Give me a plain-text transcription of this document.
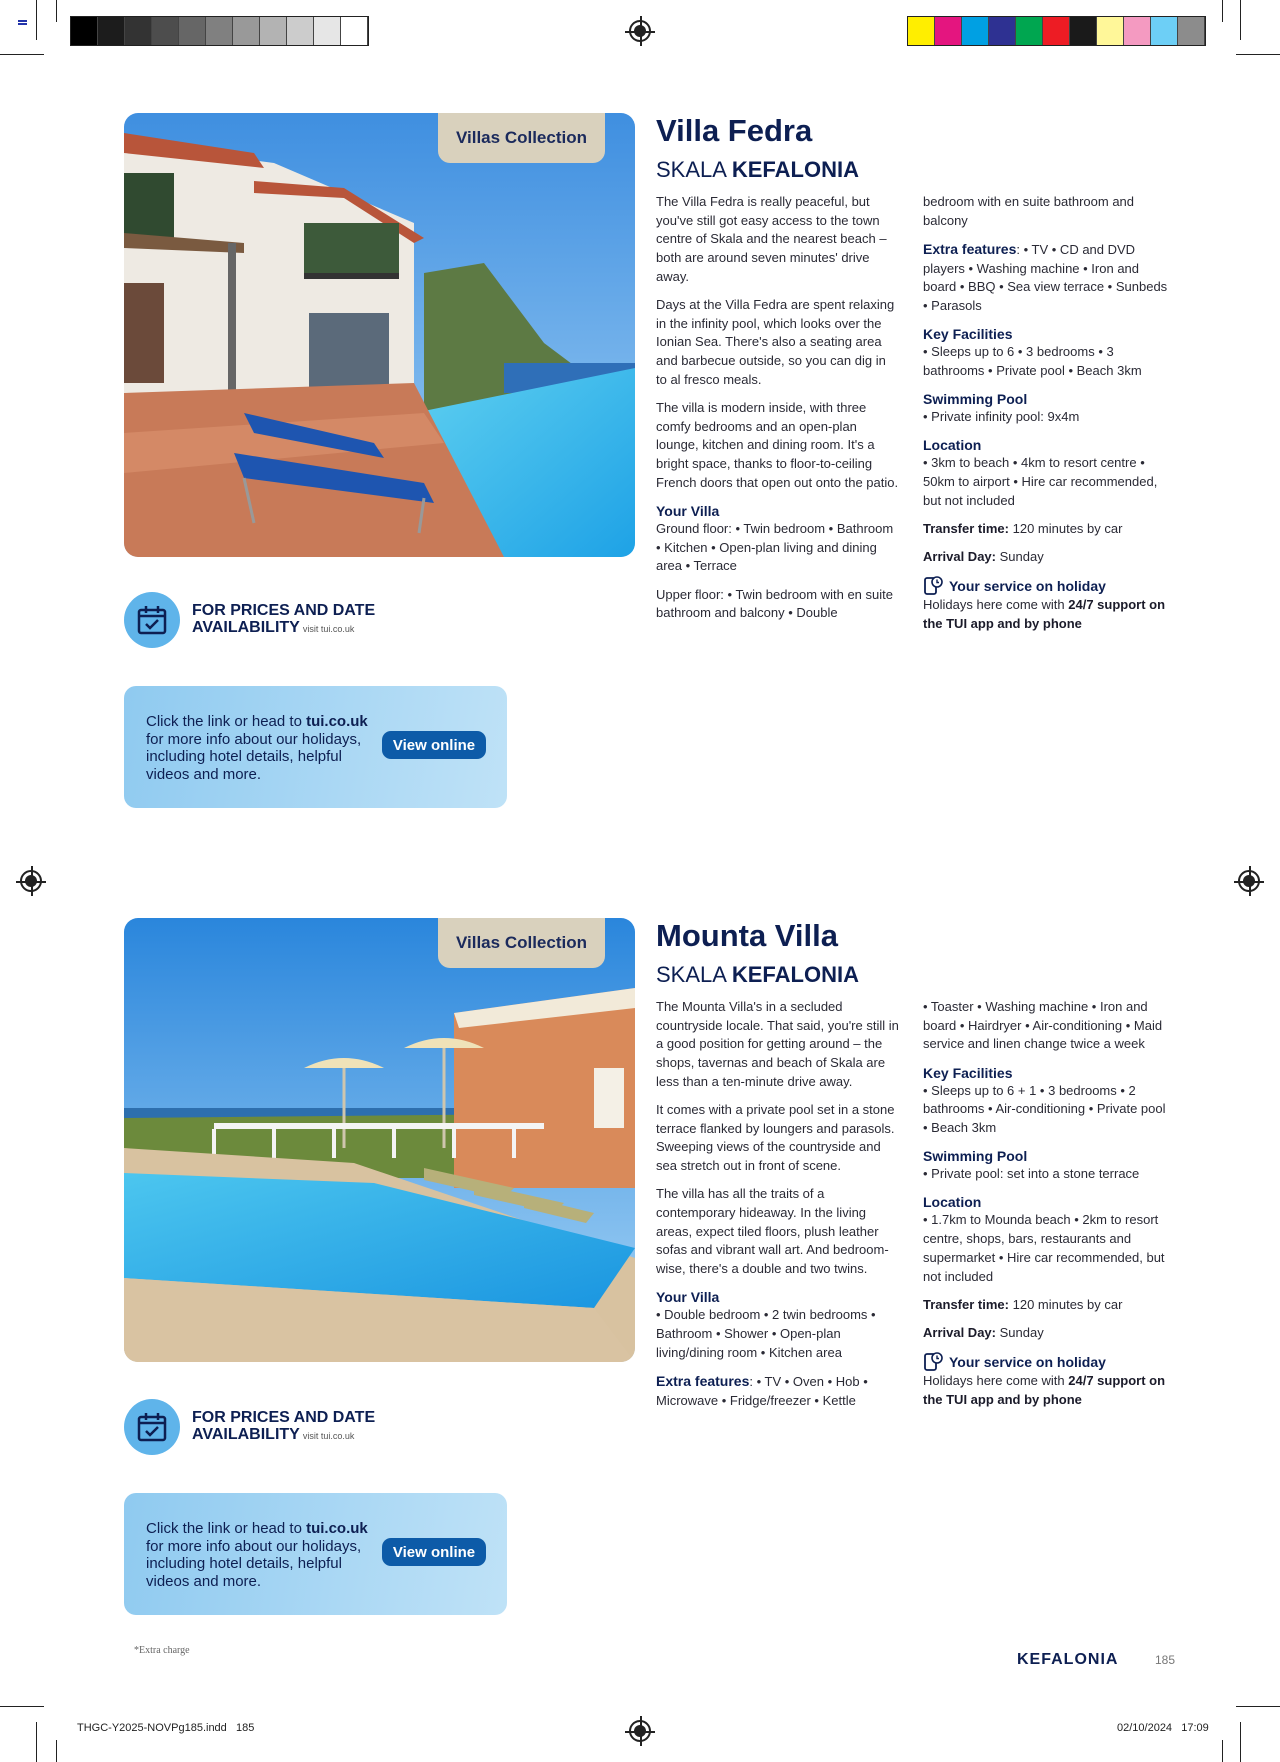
Villas Collection
FOR PRICES AND DATE
AVAILABILITY visit tui.co.uk
Click the link or head to tui.co.uk for more info about our holidays, including hotel details, helpful videos and more.
View online
Villa Fedra
SKALA KEFALONIA

The Villa Fedra is really peaceful, but you've still got easy access to the town centre of Skala and the nearest beach – both are around seven minutes' drive away.

Days at the Villa Fedra are spent relaxing in the infinity pool, which looks over the Ionian Sea. There's also a seating area and barbecue outside, so you can dig in to al fresco meals.

The villa is modern inside, with three comfy bedrooms and an open-plan lounge, kitchen and dining room. It's a bright space, thanks to floor-to-ceiling French doors that open out onto the patio.

Your Villa

Ground floor: • Twin bedroom • Bathroom • Kitchen • Open-plan living and dining area • Terrace

Upper floor: • Twin bedroom with en suite bathroom and balcony • Double

bedroom with en suite bathroom and balcony

Extra features: • TV • CD and DVD players • Washing machine • Iron and board • BBQ • Sea view terrace • Sunbeds • Parasols

Key Facilities

• Sleeps up to 6 • 3 bedrooms • 3 bathrooms • Private pool • Beach 3km

Swimming Pool

• Private infinity pool: 9x4m

Location

• 3km to beach • 4km to resort centre • 50km to airport • Hire car recommended, but not included

Transfer time: 120 minutes by car

Arrival Day: Sunday

Your service on holiday

Holidays here come with 24/7 support on the TUI app and by phone

Villas Collection
FOR PRICES AND DATE
AVAILABILITY visit tui.co.uk
Click the link or head to tui.co.uk for more info about our holidays, including hotel details, helpful videos and more.
View online
Mounta Villa
SKALA KEFALONIA

The Mounta Villa's in a secluded countryside locale. That said, you're still in a good position for getting around – the shops, tavernas and beach of Skala are less than a ten-minute drive away.

It comes with a private pool set in a stone terrace flanked by loungers and parasols. Sweeping views of the countryside and sea stretch out in front of scene.

The villa has all the traits of a contemporary hideaway. In the living areas, expect tiled floors, plush leather sofas and vibrant wall art. And bedroom-wise, there's a double and two twins.

Your Villa

• Double bedroom • 2 twin bedrooms • Bathroom • Shower • Open-plan living/dining room • Kitchen area

Extra features: • TV • Oven • Hob • Microwave • Fridge/freezer • Kettle

• Toaster • Washing machine • Iron and board • Hairdryer • Air-conditioning • Maid service and linen change twice a week

Key Facilities

• Sleeps up to 6 + 1 • 3 bedrooms • 2 bathrooms • Air-conditioning • Private pool • Beach 3km

Swimming Pool

• Private pool: set into a stone terrace

Location

• 1.7km to Mounda beach • 2km to resort centre, shops, bars, restaurants and supermarket • Hire car recommended, but not included

Transfer time: 120 minutes by car

Arrival Day: Sunday

Your service on holiday

Holidays here come with 24/7 support on the TUI app and by phone

*Extra charge
KEFALONIA	185
THGC-Y2025-NOVPg185.indd   185	02/10/2024   17:09
